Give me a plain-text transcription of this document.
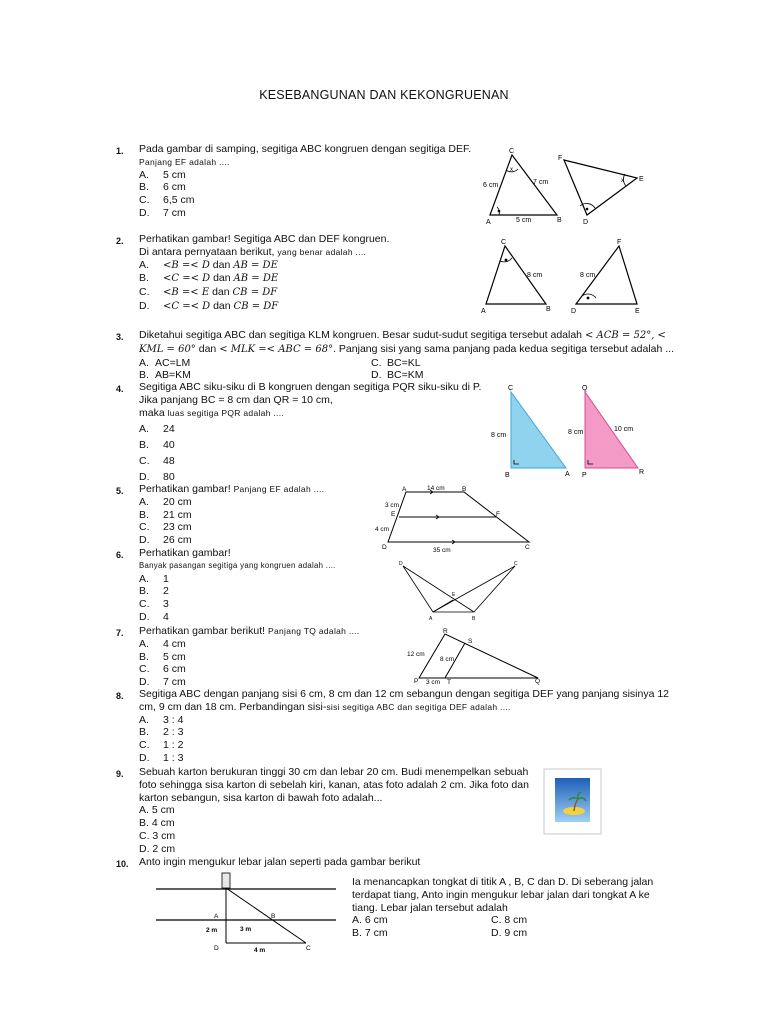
KESEBANGUNAN DAN KEKONGRUENAN
1. Pada gambar di samping, segitiga ABC kongruen dengan segitiga DEF.
Panjang EF adalah ....
A. 5 cm
B. 6 cm
C. 6,5 cm
D. 7 cm
C
A	B
F
E
D
6 cm	7 cm
5 cm
x
x
2. Perhatikan gambar! Segitiga ABC dan DEF kongruen.
Di antara pernyataan berikut, yang benar adalah ....
A. <B =< D dan AB = DE
B. <C =< D dan AB = DE
C. <B =< E dan CB = DF
D. <C =< D dan CB = DF
C
A	B
F
D	E
8 cm	8 cm
3. Diketahui segitiga ABC dan segitiga KLM kongruen. Besar sudut-sudut segitiga tersebut adalah < ACB = 52°, <
KML = 60° dan < MLK =< ABC = 68°. Panjang sisi yang sama panjang pada kedua segitiga tersebut adalah ...
A. AC=LM	C. BC=KL
B. AB=KM	D. BC=KM
4. Segitiga ABC siku-siku di B kongruen dengan segitiga PQR siku-siku di P.
Jika panjang BC = 8 cm dan QR = 10 cm,
maka luas segitiga PQR adalah ....
A. 24
B. 40
C. 48
D. 80
C
B	A
Q
P	R
8 cm	8 cm	10 cm
5. Perhatikan gambar! Panjang EF adalah ....
A. 20 cm
B. 21 cm
C. 23 cm
D. 26 cm
A	B
E	F
D	C
14 cm
3 cm
4 cm
35 cm
6. Perhatikan gambar!
Banyak pasangan segitiga yang kongruen adalah ....
A. 1
B. 2
C. 3
D. 4
D	C
E
A	B
7. Perhatikan gambar berikut! Panjang TQ adalah ....
A. 4 cm
B. 5 cm
C. 6 cm
D. 7 cm
R
S
P	T	Q
12 cm
8 cm
3 cm
8. Segitiga ABC dengan panjang sisi 6 cm, 8 cm dan 12 cm sebangun dengan segitiga DEF yang panjang sisinya 12
cm, 9 cm dan 18 cm. Perbandingan sisi-sisi segitiga ABC dan segitiga DEF adalah ....
A. 3 : 4
B. 2 : 3
C. 1 : 2
D. 1 : 3
9. Sebuah karton berukuran tinggi 30 cm dan lebar 20 cm. Budi menempelkan sebuah
foto sehingga sisa karton di sebelah kiri, kanan, atas foto adalah 2 cm. Jika foto dan
karton sebangun, sisa karton di bawah foto adalah...
A. 5 cm
B. 4 cm
C. 3 cm
D. 2 cm
10. Anto ingin mengukur lebar jalan seperti pada gambar berikut
Ia menancapkan tongkat di titik A , B, C dan D. Di seberang jalan
terdapat tiang, Anto ingin mengukur lebar jalan dari tongkat A ke
tiang. Lebar jalan tersebut adalah
A. 6 cm	C. 8 cm
B. 7 cm	D. 9 cm
A	B
D	C
2 m	3 m
4 m
